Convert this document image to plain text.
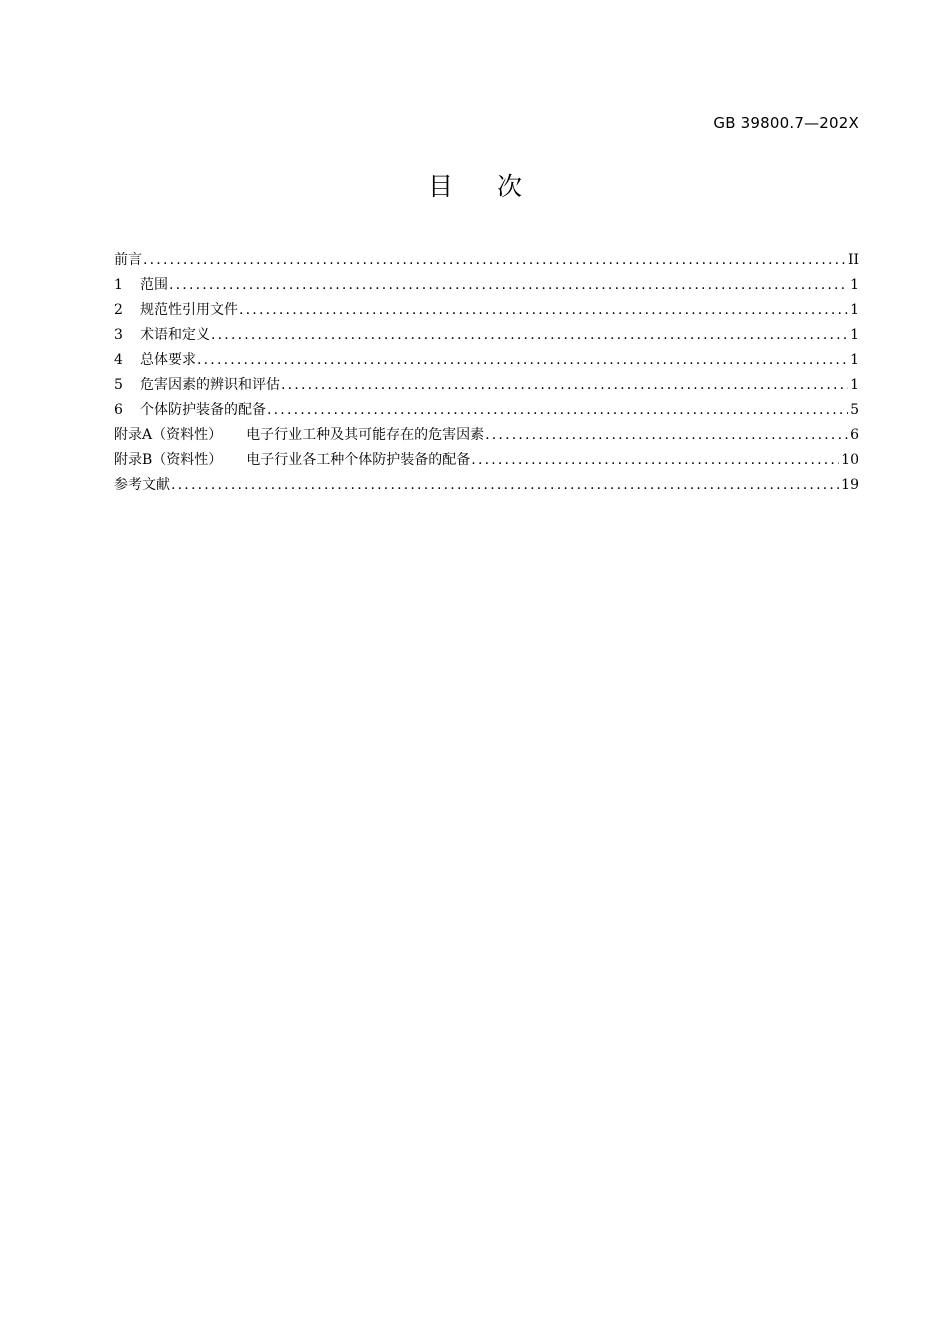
GB 39800.7—202X
目 次
前言 .....	II
1 范围 .....	1
2 规范性引用文件 .....	1
3 术语和定义 .....	1
4 总体要求 .....	1
5 危害因素的辨识和评估 .....	1
6 个体防护装备的配备 .....	5
附录A（资料性） 电子行业工种及其可能存在的危害因素 .....	6
附录B（资料性） 电子行业各工种个体防护装备的配备 .....	10
参考文献 .....	19
